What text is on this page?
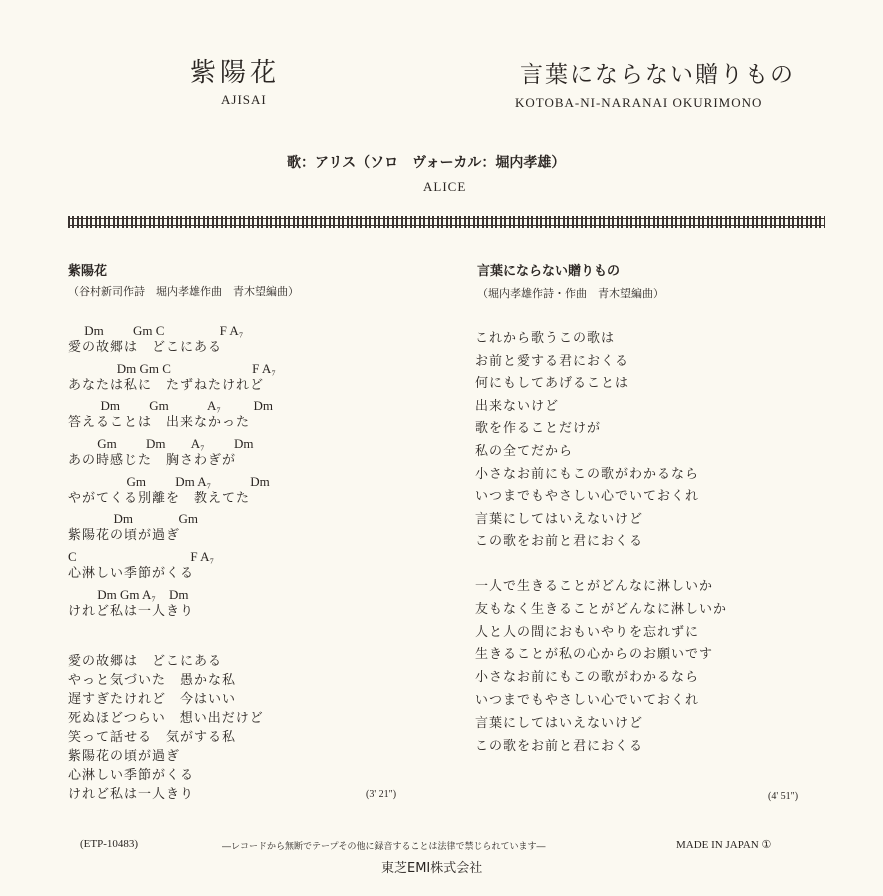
紫陽花
AJISAI
言葉にならない贈りもの
KOTOBA-NI-NARANAI OKURIMONO
歌：アリス（ソロ　ヴォーカル：堀内孝雄）
ALICE
紫陽花
（谷村新司作詩　堀内孝雄作曲　青木望編曲）
Dm         Gm C                 F A₇
愛の故郷は　どこにある
Dm Gm C                         F A₇
あなたは私に　たずねたけれど
Dm         Gm            A₇          Dm
答えることは　出来なかった
Gm         Dm        A₇         Dm
あの時感じた　胸さわぎが
Gm         Dm A₇            Dm
やがてくる別離を　教えてた
Dm              Gm
紫陽花の頃が過ぎ
C                                   F A₇
心淋しい季節がくる
Dm Gm A₇    Dm
けれど私は一人きり
愛の故郷は　どこにある
やっと気づいた　愚かな私
遅すぎたけれど　今はいい
死ぬほどつらい　想い出だけど
笑って話せる　気がする私
紫陽花の頃が過ぎ
心淋しい季節がくる
けれど私は一人きり	(3' 21")
言葉にならない贈りもの
（堀内孝雄作詩・作曲　青木望編曲）
これから歌うこの歌は
お前と愛する君におくる
何にもしてあげることは
出来ないけど
歌を作ることだけが
私の全てだから
小さなお前にもこの歌がわかるなら
いつまでもやさしい心でいておくれ
言葉にしてはいえないけど
この歌をお前と君におくる
一人で生きることがどんなに淋しいか
友もなく生きることがどんなに淋しいか
人と人の間におもいやりを忘れずに
生きることが私の心からのお願いです
小さなお前にもこの歌がわかるなら
いつまでもやさしい心でいておくれ
言葉にしてはいえないけど
この歌をお前と君におくる
(4' 51")
(ETP-10483)	―レコードから無断でテープその他に録音することは法律で禁じられています―	MADE IN JAPAN ①
東芝EMI株式会社
